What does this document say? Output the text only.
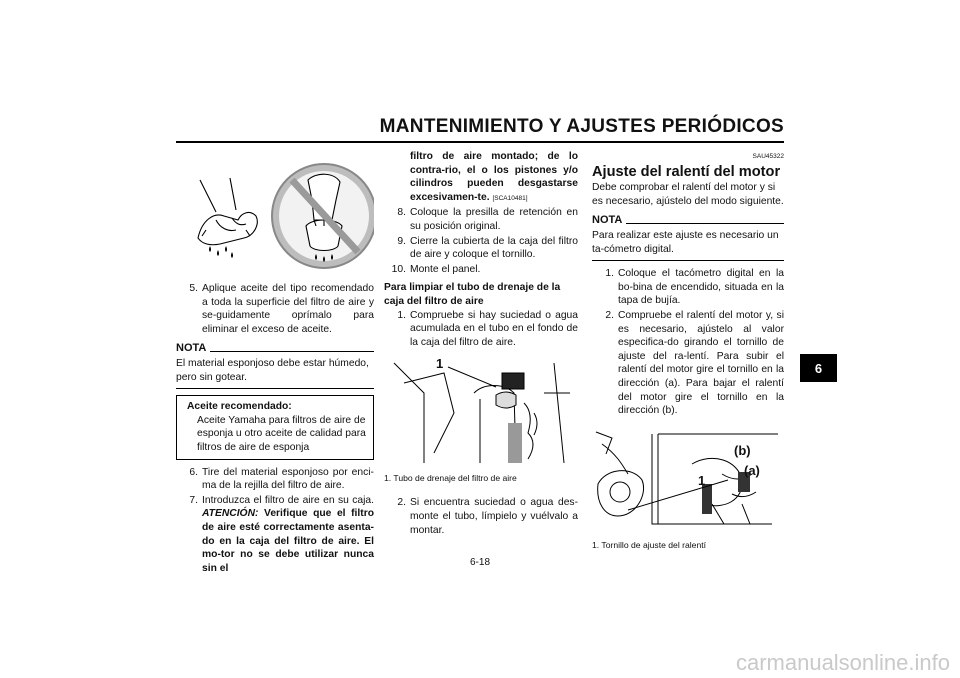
MANTENIMIENTO Y AJUSTES PERIÓDICOS
6
5. Aplique aceite del tipo recomendado a toda la superficie del filtro de aire y se-guidamente oprímalo para eliminar el exceso de aceite.
NOTA
El material esponjoso debe estar húmedo, pero sin gotear.
Aceite recomendado:
Aceite Yamaha para filtros de aire de esponja u otro aceite de calidad para filtros de aire de esponja
6. Tire del material esponjoso por enci-ma de la rejilla del filtro de aire.
7. Introduzca el filtro de aire en su caja. ATENCIÓN: Verifique que el filtro de aire esté correctamente asenta-do en la caja del filtro de aire. El mo-tor no se debe utilizar nunca sin el
filtro de aire montado; de lo contra-rio, el o los pistones y/o cilindros pueden desgastarse excesivamen-te. [SCA10481]
8. Coloque la presilla de retención en su posición original.
9. Cierre la cubierta de la caja del filtro de aire y coloque el tornillo.
10. Monte el panel.
Para limpiar el tubo de drenaje de la caja del filtro de aire
1. Compruebe si hay suciedad o agua acumulada en el tubo en el fondo de la caja del filtro de aire.
1
1. Tubo de drenaje del filtro de aire
2. Si encuentra suciedad o agua des-monte el tubo, límpielo y vuélvalo a montar.
SAU45322
Ajuste del ralentí del motor
Debe comprobar el ralentí del motor y si es necesario, ajústelo del modo siguiente.
NOTA
Para realizar este ajuste es necesario un ta-cómetro digital.
1. Coloque el tacómetro digital en la bo-bina de encendido, situada en la tapa de bujía.
2. Compruebe el ralentí del motor y, si es necesario, ajústelo al valor especifica-do girando el tornillo de ajuste del ra-lentí. Para subir el ralentí del motor gire el tornillo en la dirección (a). Para bajar el ralentí del motor gire el tornillo en la dirección (b).
1
(a)
(b)
1. Tornillo de ajuste del ralentí
6-18
carmanualsonline.info
